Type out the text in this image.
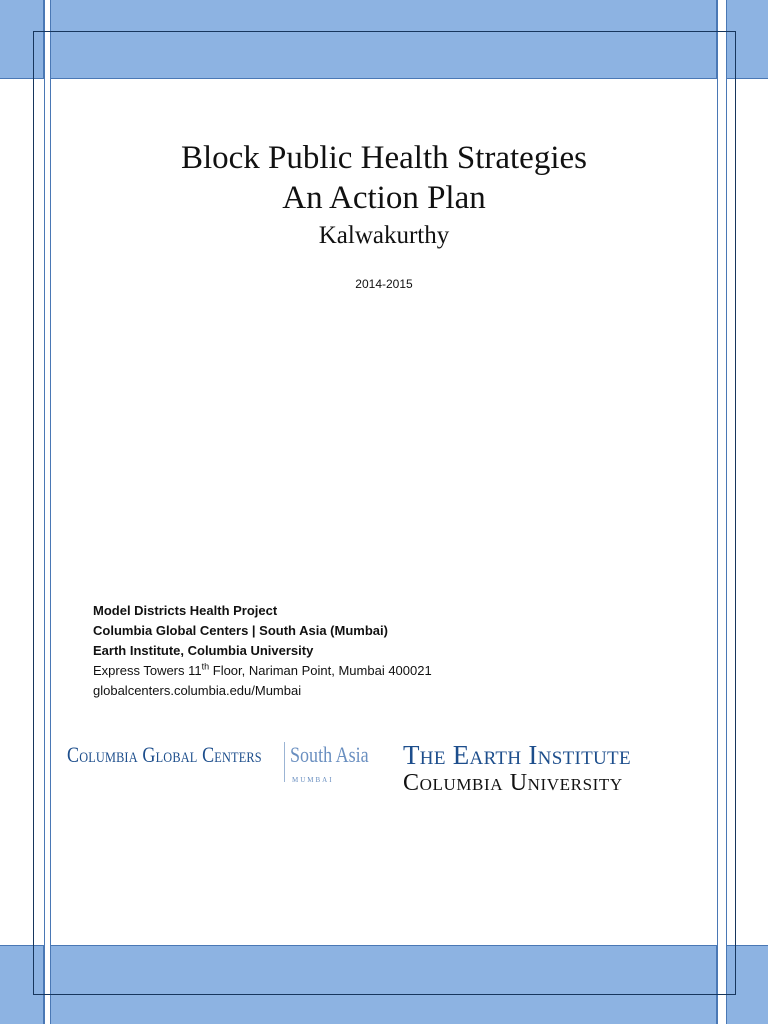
Block Public Health Strategies
An Action Plan
Kalwakurthy
2014-2015
Model Districts Health Project
Columbia Global Centers | South Asia (Mumbai)
Earth Institute, Columbia University
Express Towers 11th Floor, Nariman Point, Mumbai 400021
globalcenters.columbia.edu/Mumbai
Columbia Global Centers South Asia
MUMBAI
The Earth Institute
Columbia University
